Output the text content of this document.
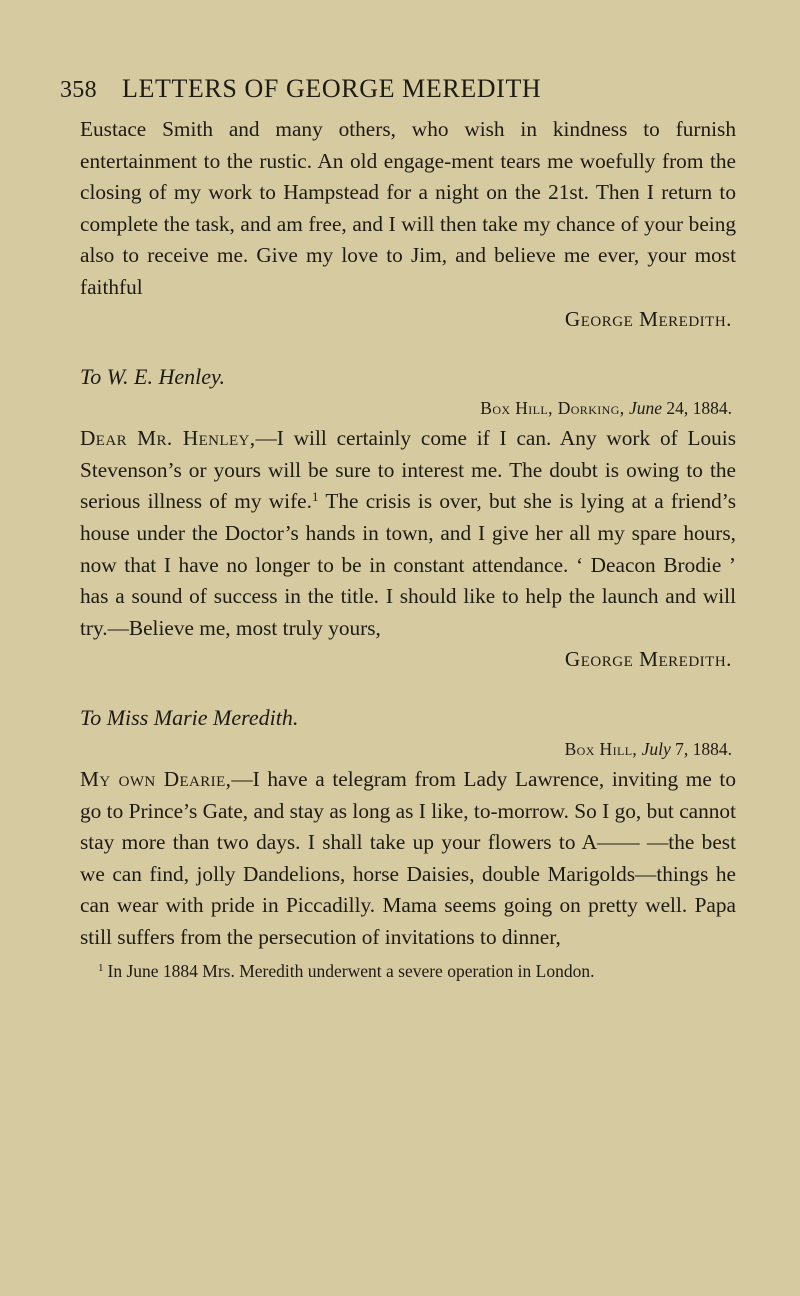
358 LETTERS OF GEORGE MEREDITH

Eustace Smith and many others, who wish in kindness to furnish entertainment to the rustic. An old engage-ment tears me woefully from the closing of my work to Hampstead for a night on the 21st. Then I return to complete the task, and am free, and I will then take my chance of your being also to receive me. Give my love to Jim, and believe me ever, your most faithful

George Meredith.
To W. E. Henley.
Box Hill, Dorking, June 24, 1884.

Dear Mr. Henley,—I will certainly come if I can. Any work of Louis Stevenson’s or yours will be sure to interest me. The doubt is owing to the serious illness of my wife.$^1$ The crisis is over, but she is lying at a friend’s house under the Doctor’s hands in town, and I give her all my spare hours, now that I have no longer to be in constant attendance. ‘ Deacon Brodie ’ has a sound of success in the title. I should like to help the launch and will try.—Believe me, most truly yours,

George Meredith.
To Miss Marie Meredith.
Box Hill, July 7, 1884.

My own Dearie,—I have a telegram from Lady Lawrence, inviting me to go to Prince’s Gate, and stay as long as I like, to-morrow. So I go, but cannot stay more than two days. I shall take up your flowers to A—— —the best we can find, jolly Dandelions, horse Daisies, double Marigolds—things he can wear with pride in Piccadilly. Mama seems going on pretty well. Papa still suffers from the persecution of invitations to dinner,

$^1$ In June 1884 Mrs. Meredith underwent a severe operation in London.
